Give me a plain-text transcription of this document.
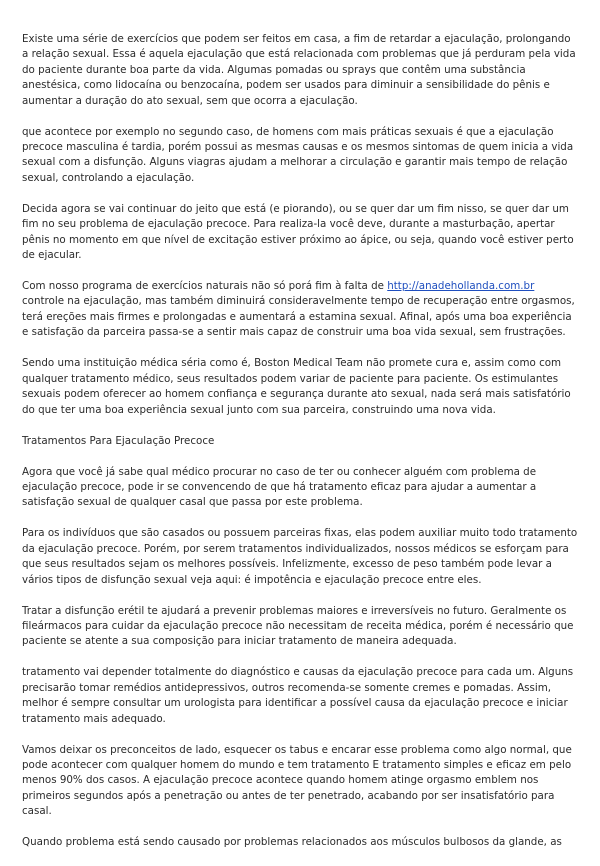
Existe uma série de exercícios que podem ser feitos em casa, a fim de retardar a ejaculação, prolongando a relação sexual. Essa é aquela ejaculação que está relacionada com problemas que já perduram pela vida do paciente durante boa parte da vida. Algumas pomadas ou sprays que contêm uma substância anestésica, como lidocaína ou benzocaína, podem ser usados para diminuir a sensibilidade do pênis e aumentar a duração do ato sexual, sem que ocorra a ejaculação.

que acontece por exemplo no segundo caso, de homens com mais práticas sexuais é que a ejaculação precoce masculina é tardia, porém possui as mesmas causas e os mesmos sintomas de quem inicia a vida sexual com a disfunção. Alguns viagras ajudam a melhorar a circulação e garantir mais tempo de relação sexual, controlando a ejaculação.

Decida agora se vai continuar do jeito que está (e piorando), ou se quer dar um fim nisso, se quer dar um fim no seu problema de ejaculação precoce. Para realiza-la você deve, durante a masturbação, apertar pênis no momento em que nível de excitação estiver próximo ao ápice, ou seja, quando você estiver perto de ejacular.

Com nosso programa de exercícios naturais não só porá fim à falta de http://anadehollanda.com.br controle na ejaculação, mas também diminuirá consideravelmente tempo de recuperação entre orgasmos, terá ereções mais firmes e prolongadas e aumentará a estamina sexual. Afinal, após uma boa experiência e satisfação da parceira passa-se a sentir mais capaz de construir uma boa vida sexual, sem frustrações.

Sendo uma instituição médica séria como é, Boston Medical Team não promete cura e, assim como com qualquer tratamento médico, seus resultados podem variar de paciente para paciente. Os estimulantes sexuais podem oferecer ao homem confiança e segurança durante ato sexual, nada será mais satisfatório do que ter uma boa experiência sexual junto com sua parceira, construindo uma nova vida.

Tratamentos Para Ejaculação Precoce

Agora que você já sabe qual médico procurar no caso de ter ou conhecer alguém com problema de ejaculação precoce, pode ir se convencendo de que há tratamento eficaz para ajudar a aumentar a satisfação sexual de qualquer casal que passa por este problema.

Para os indivíduos que são casados ou possuem parceiras fixas, elas podem auxiliar muito todo tratamento da ejaculação precoce. Porém, por serem tratamentos individualizados, nossos médicos se esforçam para que seus resultados sejam os melhores possíveis. Infelizmente, excesso de peso também pode levar a vários tipos de disfunção sexual veja aqui: é impotência e ejaculação precoce entre eles.

Tratar a disfunção erétil te ajudará a prevenir problemas maiores e irreversíveis no futuro. Geralmente os fileármacos para cuidar da ejaculação precoce não necessitam de receita médica, porém é necessário que paciente se atente a sua composição para iniciar tratamento de maneira adequada.

tratamento vai depender totalmente do diagnóstico e causas da ejaculação precoce para cada um. Alguns precisarão tomar remédios antidepressivos, outros recomenda-se somente cremes e pomadas. Assim, melhor é sempre consultar um urologista para identificar a possível causa da ejaculação precoce e iniciar tratamento mais adequado.

Vamos deixar os preconceitos de lado, esquecer os tabus e encarar esse problema como algo normal, que pode acontecer com qualquer homem do mundo e tem tratamento E tratamento simples e eficaz em pelo menos 90% dos casos. A ejaculação precoce acontece quando homem atinge orgasmo emblem nos primeiros segundos após a penetração ou antes de ter penetrado, acabando por ser insatisfatório para casal.

Quando problema está sendo causado por problemas relacionados aos músculos bulbosos da glande, as
